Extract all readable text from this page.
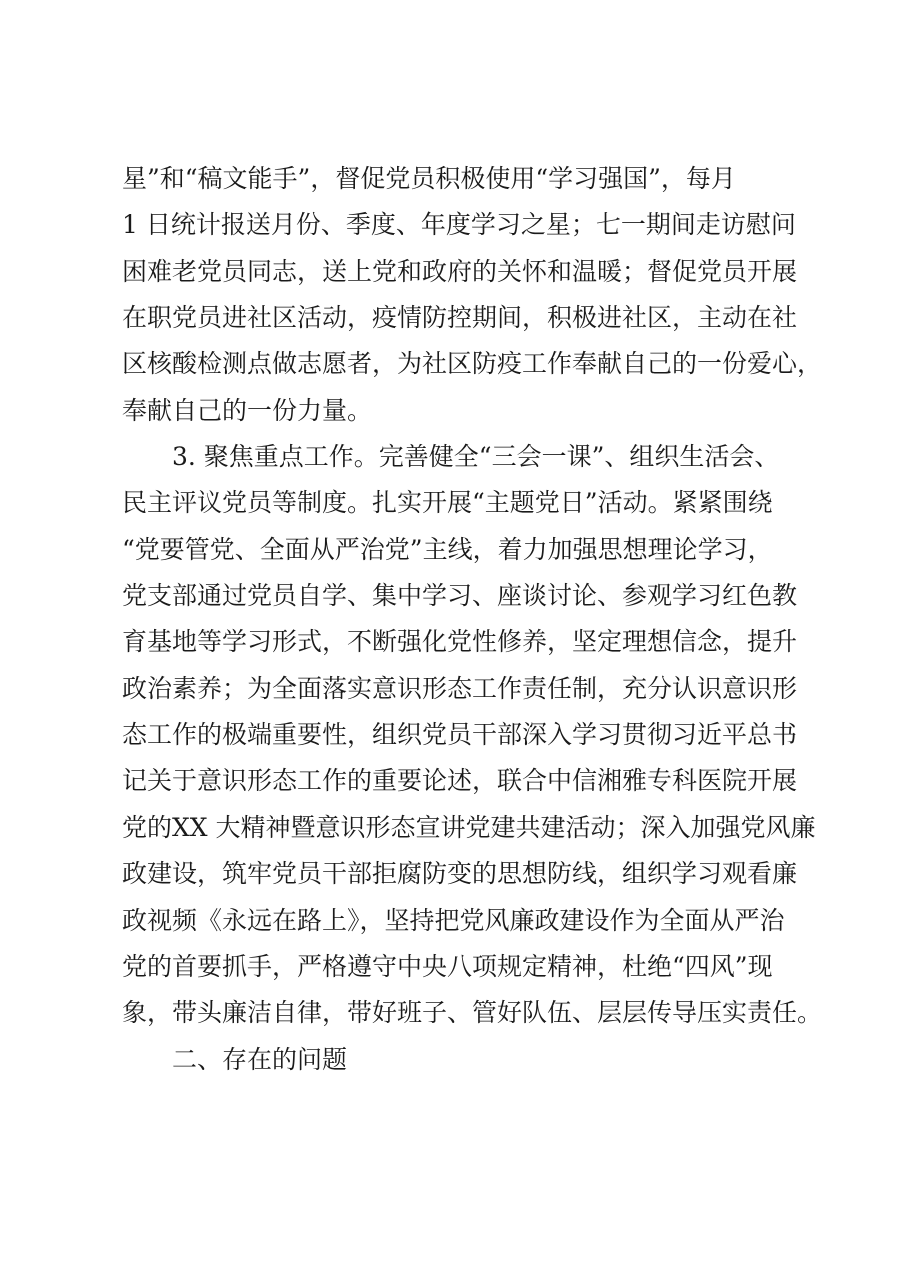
星”和“稿文能手”，督促党员积极使用“学习强国”，每月

1 日统计报送月份、季度、年度学习之星；七一期间走访慰问

困难老党员同志，送上党和政府的关怀和温暖；督促党员开展

在职党员进社区活动，疫情防控期间，积极进社区，主动在社

区核酸检测点做志愿者，为社区防疫工作奉献自己的一份爱心，

奉献自己的一份力量。

3. 聚焦重点工作。完善健全“三会一课”、组织生活会、

民主评议党员等制度。扎实开展“主题党日”活动。紧紧围绕

“党要管党、全面从严治党”主线，着力加强思想理论学习，

党支部通过党员自学、集中学习、座谈讨论、参观学习红色教

育基地等学习形式，不断强化党性修养，坚定理想信念，提升

政治素养；为全面落实意识形态工作责任制，充分认识意识形

态工作的极端重要性，组织党员干部深入学习贯彻习近平总书

记关于意识形态工作的重要论述，联合中信湘雅专科医院开展

党的XX 大精神暨意识形态宣讲党建共建活动；深入加强党风廉

政建设，筑牢党员干部拒腐防变的思想防线，组织学习观看廉

政视频《永远在路上》，坚持把党风廉政建设作为全面从严治

党的首要抓手，严格遵守中央八项规定精神，杜绝“四风”现

象，带头廉洁自律，带好班子、管好队伍、层层传导压实责任。

二、存在的问题
